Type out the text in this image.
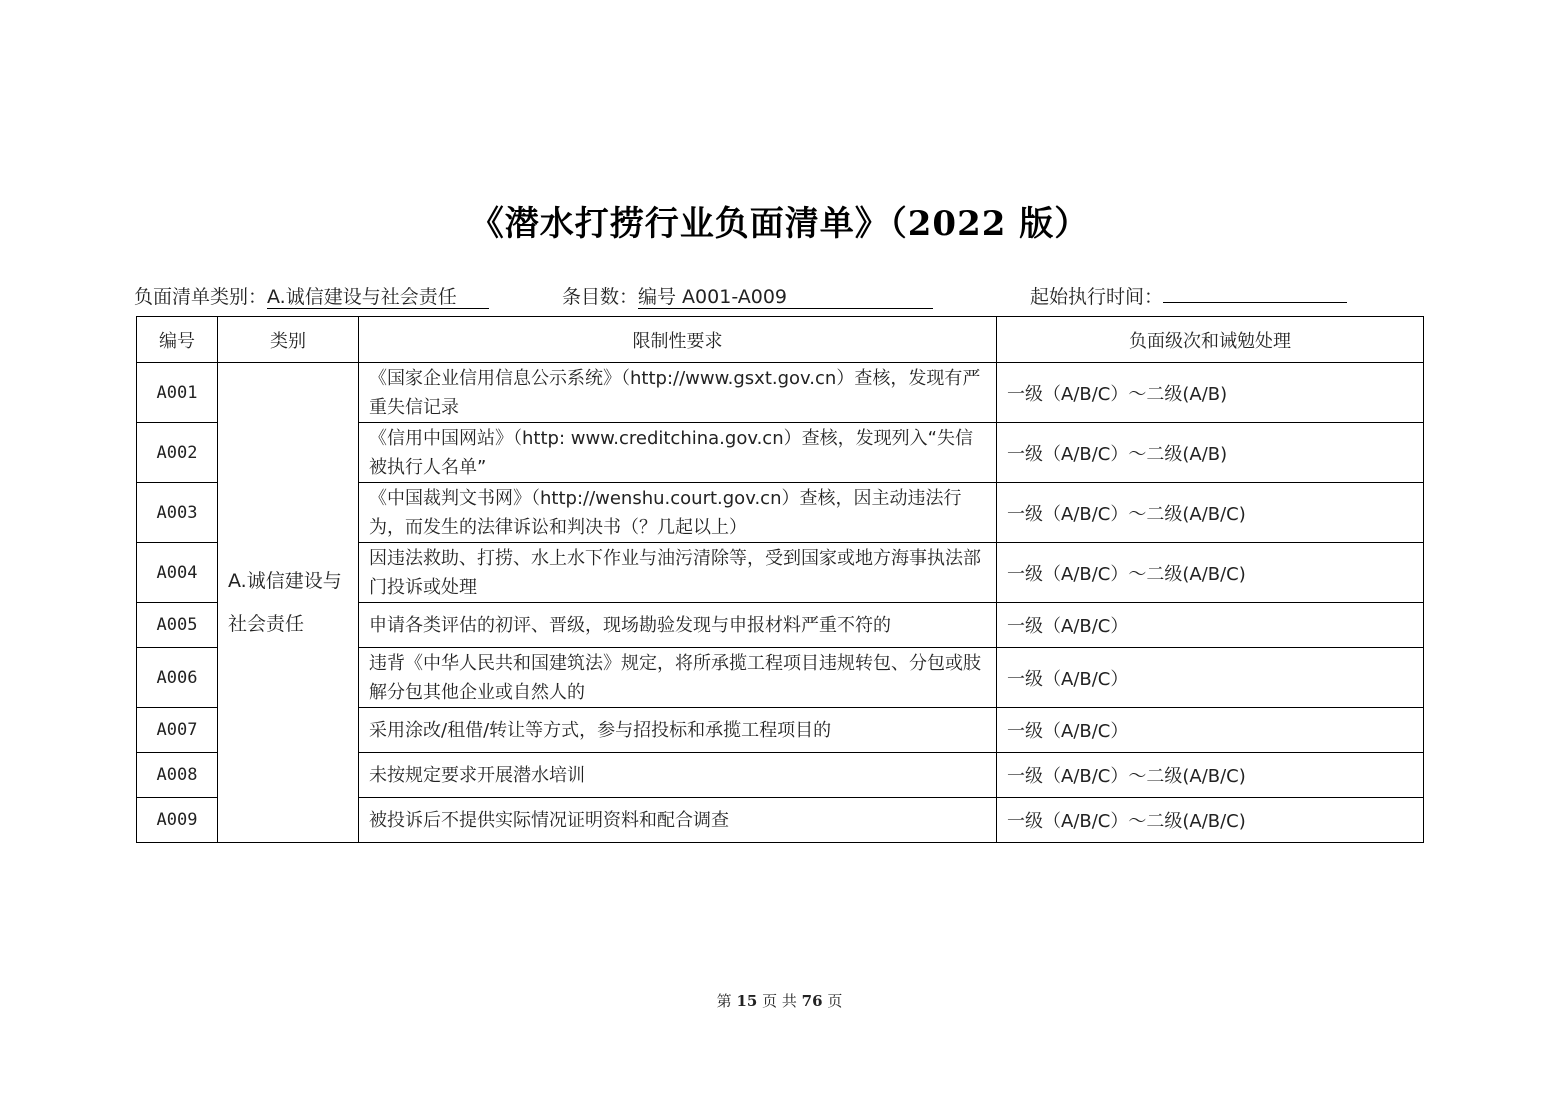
《潜水打捞行业负面清单》（2022 版）
负面清单类别：A.诚信建设与社会责任	条目数：编号 A001-A009	起始执行时间：
编号	类别	限制性要求	负面级次和诫勉处理
A001	A.诚信建设与社会责任	《国家企业信用信息公示系统》（http://www.gsxt.gov.cn）查核，发现有严重失信记录	一级（A/B/C）～二级(A/B)
A002		《信用中国网站》（http: www.creditchina.gov.cn）查核，发现列入“失信被执行人名单”	一级（A/B/C）～二级(A/B)
A003		《中国裁判文书网》（http://wenshu.court.gov.cn）查核，因主动违法行为，而发生的法律诉讼和判决书（？几起以上）	一级（A/B/C）～二级(A/B/C)
A004		因违法救助、打捞、水上水下作业与油污清除等，受到国家或地方海事执法部门投诉或处理	一级（A/B/C）～二级(A/B/C)
A005		申请各类评估的初评、晋级，现场勘验发现与申报材料严重不符的	一级（A/B/C）
A006		违背《中华人民共和国建筑法》规定，将所承揽工程项目违规转包、分包或肢解分包其他企业或自然人的	一级（A/B/C）
A007		采用涂改/租借/转让等方式，参与招投标和承揽工程项目的	一级（A/B/C）
A008		未按规定要求开展潜水培训	一级（A/B/C）～二级(A/B/C)
A009		被投诉后不提供实际情况证明资料和配合调查	一级（A/B/C）～二级(A/B/C)
第 15 页 共 76 页
